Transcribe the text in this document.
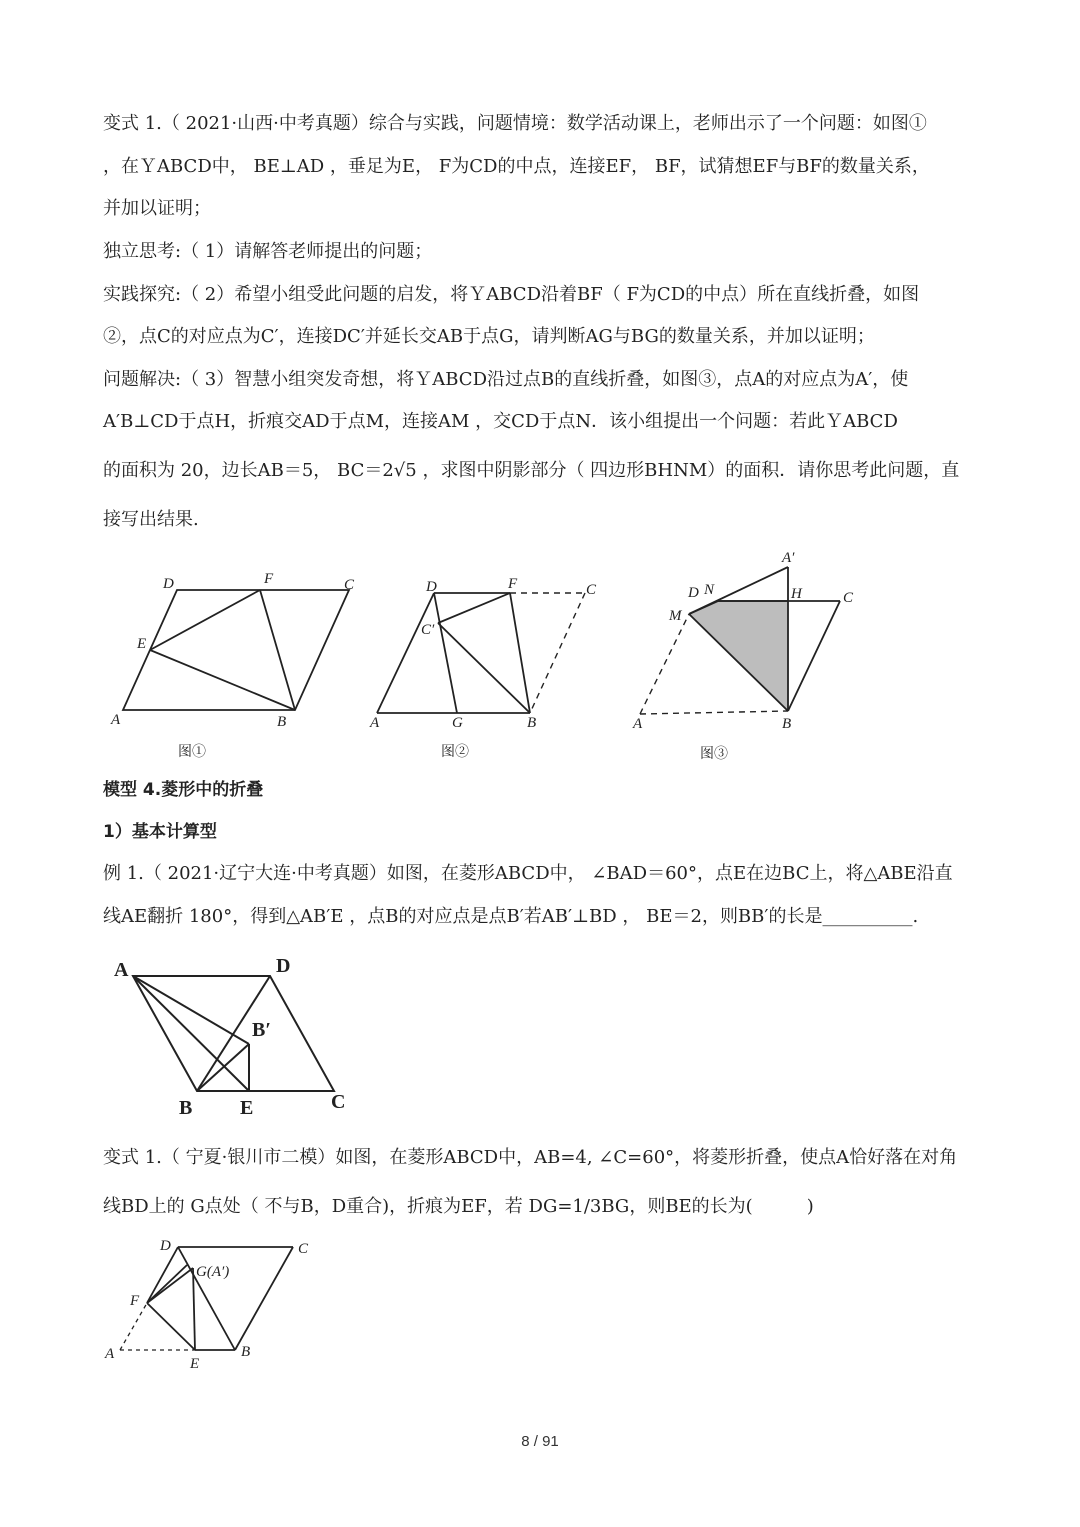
变式 1.（ 2021·山西·中考真题）综合与实践，问题情境：数学活动课上，老师出示了一个问题：如图①
，在ＹABCD中， BE⊥AD ，垂足为E， F为CD的中点，连接EF， BF，试猜想EF与BF的数量关系，
并加以证明；
独立思考:（ 1）请解答老师提出的问题；
实践探究:（ 2）希望小组受此问题的启发，将ＹABCD沿着BF（ F为CD的中点）所在直线折叠，如图
②，点C的对应点为C′，连接DC′并延长交AB于点G，请判断AG与BG的数量关系，并加以证明；
问题解决:（ 3）智慧小组突发奇想，将ＹABCD沿过点B的直线折叠，如图③，点A的对应点为A′，使
A′B⊥CD于点H，折痕交AD于点M，连接AM ，交CD于点N．该小组提出一个问题：若此ＹABCD
的面积为 20，边长AB＝5， BC＝2√5 ，求图中阴影部分（ 四边形BHNM）的面积．请你思考此问题，直
接写出结果.
D	F	C
E
A	B
图①
D	F	C
C′
A	G	B
图②
A′
D N	H	C
M
A	B
图③
模型 4.菱形中的折叠
1）基本计算型
例 1.（ 2021·辽宁大连·中考真题）如图，在菱形ABCD中， ∠BAD＝60°，点E在边BC上，将△ABE沿直
线AE翻折 180°，得到△AB′E ，点B的对应点是点B′若AB′⊥BD ， BE＝2，则BB′的长是__________.
A	D
B′
B E	C
变式 1.（ 宁夏·银川市二模）如图，在菱形ABCD中，AB=4, ∠C=60°，将菱形折叠，使点A恰好落在对角
线BD上的 G点处（ 不与B，D重合)，折痕为EF，若 DG=1/3BG，则BE的长为(　　　)
D	C
G(A′)
F
A
E
B
8 / 91
